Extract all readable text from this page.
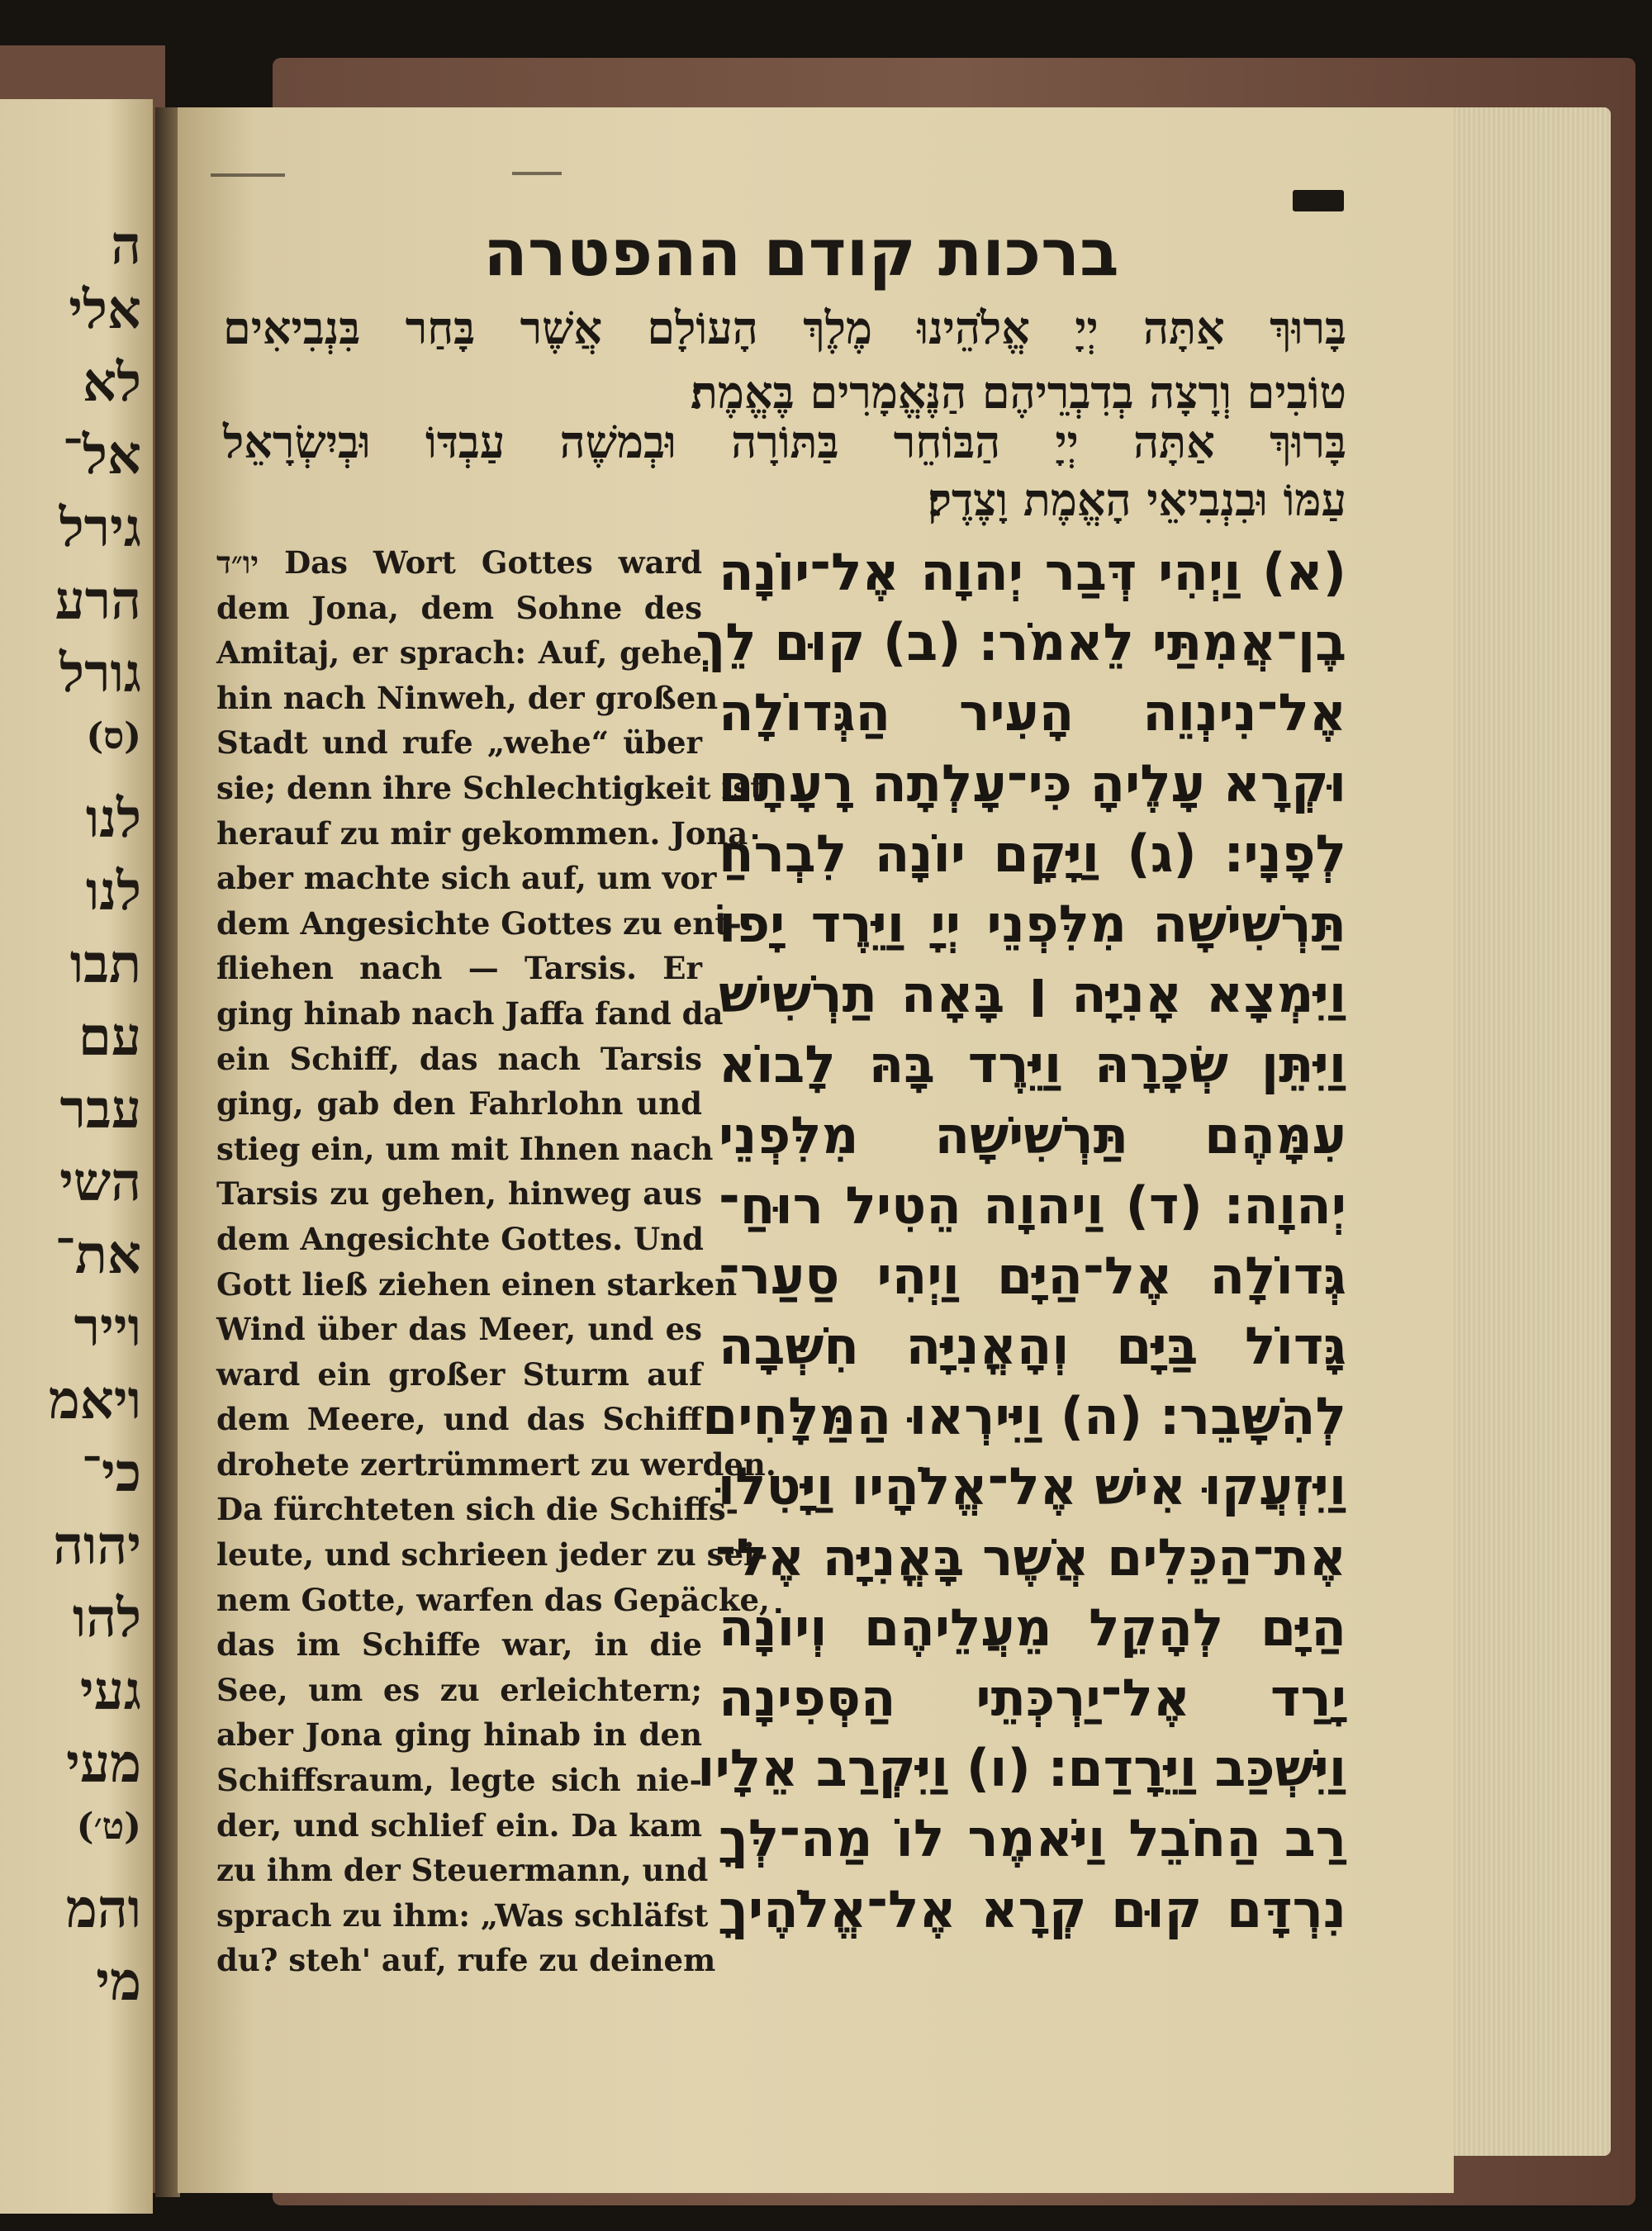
ה
אלי
לא
אל־
גירל
הרע
גורל
(ס)
לנו
לנו
תבו
עם
עבר
השי
את־
וייר
ויאמ
כי־
יהוה
להו
געי
מעי
(ט׳)
והמ
מי
ברכות קודם ההפטרה
בָּרוּךְ אַתָּה יְיָ אֱלֹהֵינוּ מֶלֶךְ הָעוֹלָם אֲשֶׁר בָּחַר בִּנְבִיאִים
טוֹבִים וְרָצָה בְדִבְרֵיהֶם הַנֶּאֱמָרִים בֶּאֱמֶת׃
בָּרוּךְ אַתָּה יְיָ הַבּוֹחֵר בַּתּוֹרָה וּבְמשֶׁה עַבְדּוֹ וּבְיִשְׂרָאֵל
עַמּוֹ וּבִנְבִיאֵי הָאֱמֶת וָצֶדֶק׃
יו״ד Das Wort Gottes ward
dem Jona, dem Sohne des
Amitaj, er sprach: Auf, gehe
hin nach Ninweh, der großen
Stadt und rufe „wehe“ über
sie; denn ihre Schlechtigkeit ist
herauf zu mir gekommen. Jona
aber machte sich auf, um vor
dem Angesichte Gottes zu ent-
fliehen nach — Tarsis. Er
ging hinab nach Jaffa fand da
ein Schiff, das nach Tarsis
ging, gab den Fahrlohn und
stieg ein, um mit Ihnen nach
Tarsis zu gehen, hinweg aus
dem Angesichte Gottes. Und
Gott ließ ziehen einen starken
Wind über das Meer, und es
ward ein großer Sturm auf
dem Meere, und das Schiff
drohete zertrümmert zu werden.
Da fürchteten sich die Schiffs-
leute, und schrieen jeder zu sei-
nem Gotte, warfen das Gepäcke,
das im Schiffe war, in die
See, um es zu erleichtern;
aber Jona ging hinab in den
Schiffsraum, legte sich nie-
der, und schlief ein. Da kam
zu ihm der Steuermann, und
sprach zu ihm: „Was schläfst
du? steh' auf, rufe zu deinem
(א) וַיְהִי דְּבַר יְהוָה אֶל־יוֹנָה
בֶן־אֲמִתַּי לֵאמֹר׃ (ב) קוּם לֵךְ
אֶל־נִינְוֵה הָעִיר הַגְּדוֹלָה
וּקְרָא עָלֶיהָ כִּי־עָלְתָה רָעָתָם
לְפָנָי׃ (ג) וַיָּקָם יוֹנָה לִבְרֹחַ
תַּרְשִׁישָׁה מִלִּפְנֵי יְיָ וַיֵּרֶד יָפוֹ
וַיִּמְצָא אָנִיָּה ׀ בָּאָה תַרְשִׁישׁ
וַיִּתֵּן שְׂכָרָהּ וַיֵּרֶד בָּהּ לָבוֹא
עִמָּהֶם תַּרְשִׁישָׁה מִלִּפְנֵי
יְהוָה׃ (ד) וַיהוָה הֵטִיל רוּחַ־
גְּדוֹלָה אֶל־הַיָּם וַיְהִי סַעַר־
גָּדוֹל בַּיָּם וְהָאֳנִיָּה חִשְּׁבָה
לְהִשָּׁבֵר׃ (ה) וַיִּירְאוּ הַמַּלָּחִים
וַיִּזְעֲקוּ אִישׁ אֶל־אֱלֹהָיו וַיָּטִלוּ
אֶת־הַכֵּלִים אֲשֶׁר בָּאֳנִיָּה אֶל־
הַיָּם לְהָקֵל מֵעֲלֵיהֶם וְיוֹנָה
יָרַד אֶל־יַרְכְּתֵי הַסְּפִינָה
וַיִּשְׁכַּב וַיֵּרָדַם׃ (ו) וַיִּקְרַב אֵלָיו
רַב הַחֹבֵל וַיֹּאמֶר לוֹ מַה־לְּךָ
נִרְדָּם קוּם קְרָא אֶל־אֱלֹהֶיךָ
